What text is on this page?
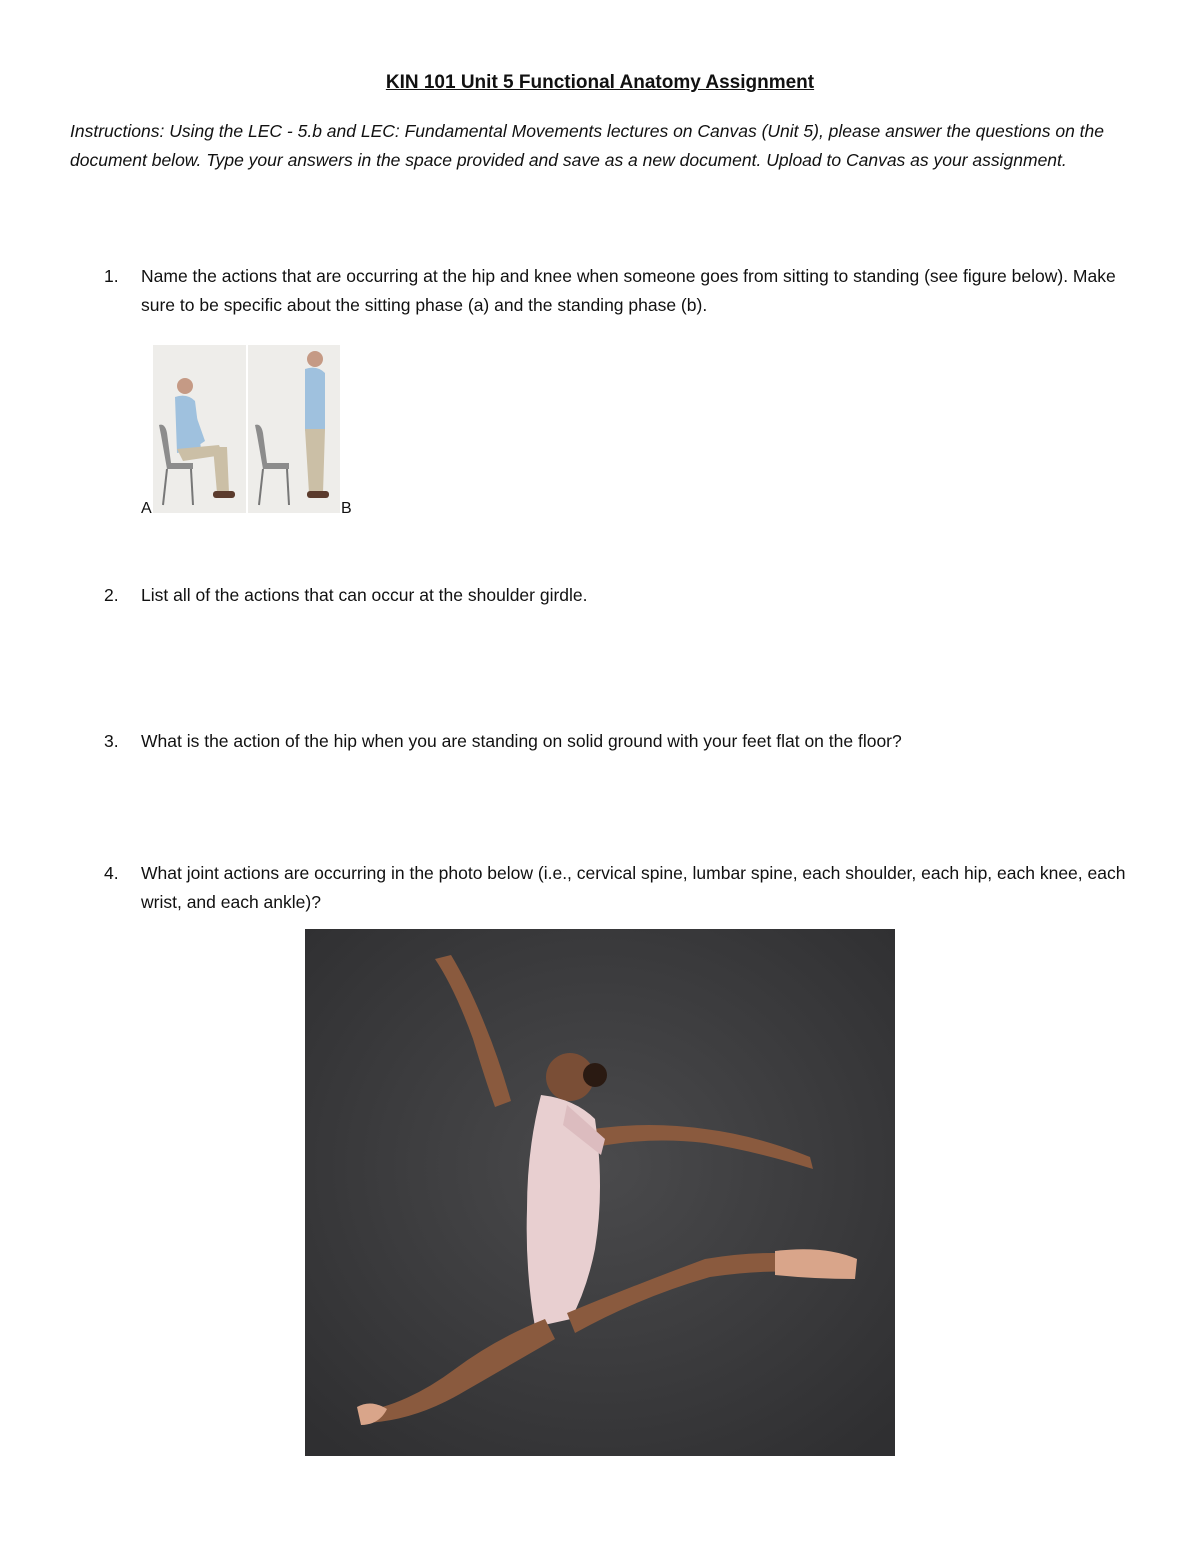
KIN 101 Unit 5 Functional Anatomy Assignment
Instructions: Using the LEC - 5.b and LEC: Fundamental Movements lectures on Canvas (Unit 5), please answer the questions on the document below. Type your answers in the space provided and save as a new document. Upload to Canvas as your assignment.
1.	Name the actions that are occurring at the hip and knee when someone goes from sitting to standing (see figure below). Make sure to be specific about the sitting phase (a) and the standing phase (b).
A	B
2.	List all of the actions that can occur at the shoulder girdle.
3.	What is the action of the hip when you are standing on solid ground with your feet flat on the floor?
4.	What joint actions are occurring in the photo below (i.e., cervical spine, lumbar spine, each shoulder, each hip, each knee, each wrist, and each ankle)?
